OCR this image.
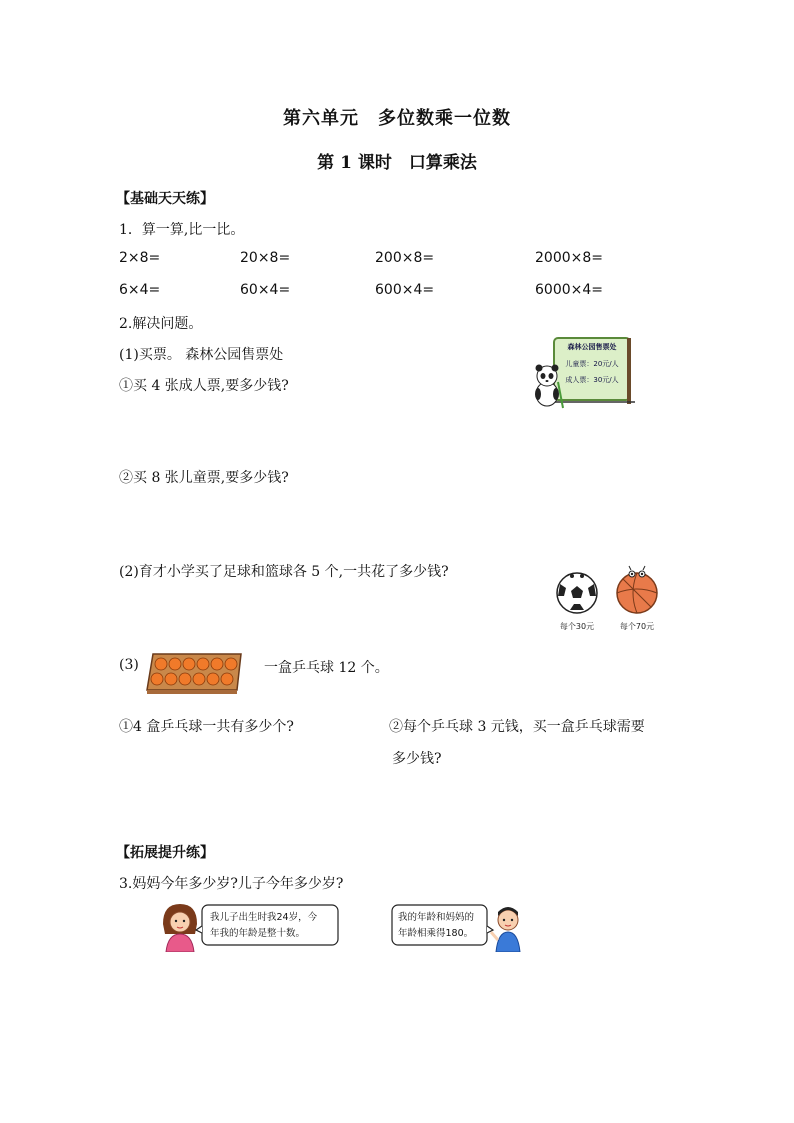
第六单元　多位数乘一位数
第 1 课时　口算乘法
【基础天天练】
1．算一算,比一比。
2×8=	20×8=	200×8=	2000×8=
6×4=	60×4=	600×4=	6000×4=
2.解决问题。
(1)买票。 森林公园售票处
①买 4 张成人票,要多少钱?
森林公园售票处
儿童票：20元/人
成人票：30元/人
②买 8 张儿童票,要多少钱?
(2)育才小学买了足球和篮球各 5 个,一共花了多少钱?
每个30元	每个70元
(3)	一盒乒乓球 12 个。
①4 盒乒乓球一共有多少个?	②每个乒乓球 3 元钱，买一盒乒乓球需要
多少钱?
【拓展提升练】
3.妈妈今年多少岁?儿子今年多少岁?
我儿子出生时我24岁，今
年我的年龄是整十数。
我的年龄和妈妈的
年龄相乘得180。
